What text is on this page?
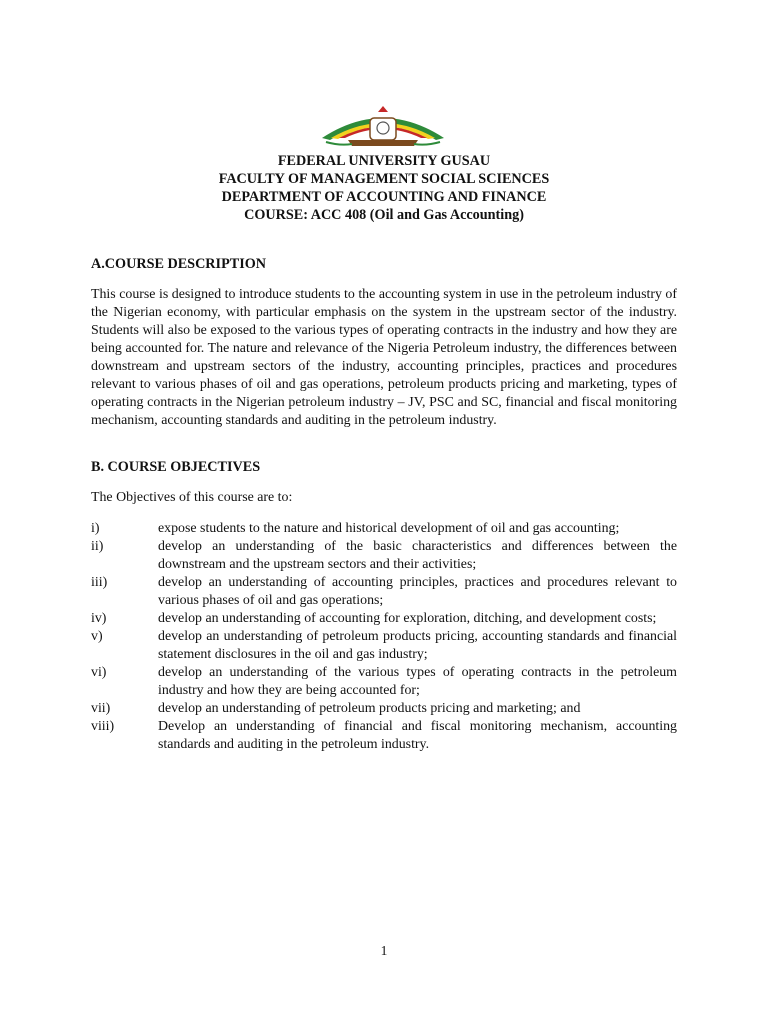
FEDERAL UNIVERSITY GUSAU
FACULTY OF MANAGEMENT SOCIAL SCIENCES
DEPARTMENT OF ACCOUNTING AND FINANCE
COURSE: ACC 408 (Oil and Gas Accounting)
A.COURSE DESCRIPTION

This course is designed to introduce students to the accounting system in use in the petroleum industry of the Nigerian economy, with particular emphasis on the system in the upstream sector of the industry. Students will also be exposed to the various types of operating contracts in the industry and how they are being accounted for. The nature and relevance of the Nigeria Petroleum industry, the differences between downstream and upstream sectors of the industry, accounting principles, practices and procedures relevant to various phases of oil and gas operations, petroleum products pricing and marketing, types of operating contracts in the Nigerian petroleum industry – JV, PSC and SC, financial and fiscal monitoring mechanism, accounting standards and auditing in the petroleum industry.

B. COURSE OBJECTIVES

The Objectives of this course are to:

i)	expose students to the nature and historical development of oil and gas accounting;
ii)	develop an understanding of the basic characteristics and differences between the downstream and the upstream sectors and their activities;
iii)	develop an understanding of accounting principles, practices and procedures relevant to various phases of oil and gas operations;
iv)	develop an understanding of accounting for exploration, ditching, and development costs;
v)	develop an understanding of petroleum products pricing, accounting standards and financial statement disclosures in the oil and gas industry;
vi)	develop an understanding of the various types of operating contracts in the petroleum industry and how they are being accounted for;
vii)	develop an understanding of petroleum products pricing and marketing; and
viii)	Develop an understanding of financial and fiscal monitoring mechanism, accounting standards and auditing in the petroleum industry.
1
